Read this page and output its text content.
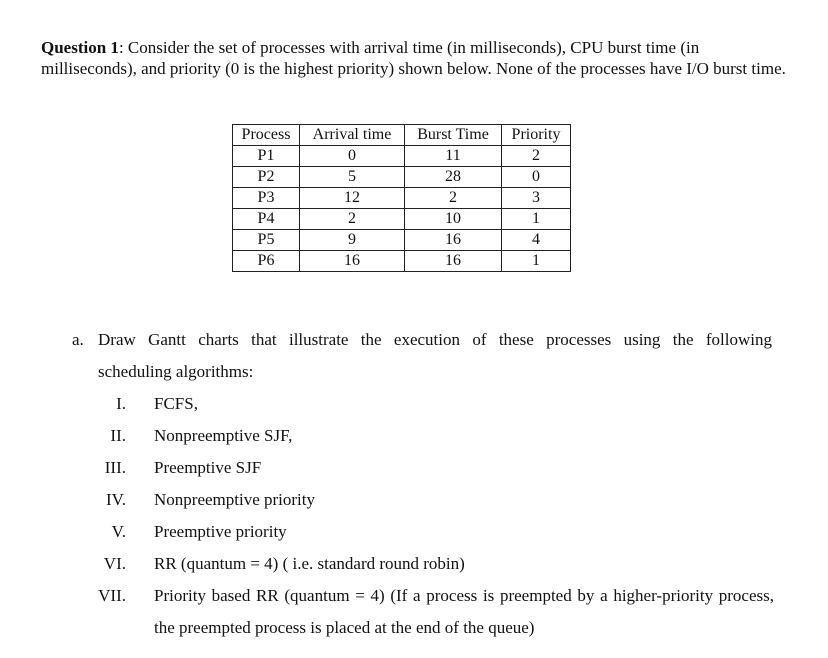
Question 1: Consider the set of processes with arrival time (in milliseconds), CPU burst time (in milliseconds), and priority (0 is the highest priority) shown below. None of the processes have I/O burst time.
Process	Arrival time	Burst Time	Priority
P1	0	11	2
P2	5	28	0
P3	12	2	3
P4	2	10	1
P5	9	16	4
P6	16	16	1
a. Draw Gantt charts that illustrate the execution of these processes using the following
scheduling algorithms:
I. FCFS,
II. Nonpreemptive SJF,
III. Preemptive SJF
IV. Nonpreemptive priority
V. Preemptive priority
VI. RR (quantum = 4) ( i.e. standard round robin)
VII. Priority based RR (quantum = 4) (If a process is preempted by a higher-priority process, the preempted process is placed at the end of the queue)
